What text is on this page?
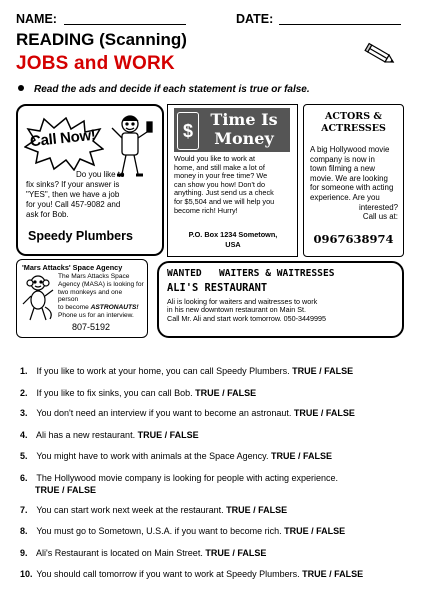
NAME:	DATE:
READING (Scanning)
JOBS and WORK
Read the ads and decide if each statement is true or false.
Call Now!
Do you like to
fix sinks? If your answer is
"YES", then we have a job
for you! Call 457-9082 and
ask for Bob.
Speedy Plumbers
$
Time Is
Money
Would you like to work at
home, and still make a lot of
money in your free time? We
can show you how! Don't do
anything. Just send us a check
for $5,504 and we will help you
become rich! Hurry!
P.O. Box 1234 Sometown,
USA
ACTORS &
ACTRESSES
A big Hollywood movie
company is now in
town filming a new
movie. We are looking
for someone with acting
experience. Are you
interested?
Call us at:
0967638974
'Mars Attacks' Space Agency
The Mars Attacks Space
Agency (MASA) is looking for
two monkeys and one person
to become ASTRONAUTS!
Phone us for an interview.
807-5192
WANTED   WAITERS & WAITRESSES
ALI'S RESTAURANT
Ali is looking for waiters and waitresses to work
in his new downtown restaurant on Main St.
Call Mr. Ali and start work tomorrow. 050-3449995
1. If you like to work at your home, you can call Speedy Plumbers. TRUE / FALSE
2. If you like to fix sinks, you can call Bob. TRUE / FALSE
3. You don't need an interview if you want to become an astronaut. TRUE / FALSE
4. Ali has a new restaurant. TRUE / FALSE
5. You might have to work with animals at the Space Agency. TRUE / FALSE
6. The Hollywood movie company is looking for people with acting experience.
TRUE / FALSE
7. You can start work next week at the restaurant. TRUE / FALSE
8. You must go to Sometown, U.S.A. if you want to become rich. TRUE / FALSE
9. Ali's Restaurant is located on Main Street. TRUE / FALSE
10. You should call tomorrow if you want to work at Speedy Plumbers. TRUE / FALSE
